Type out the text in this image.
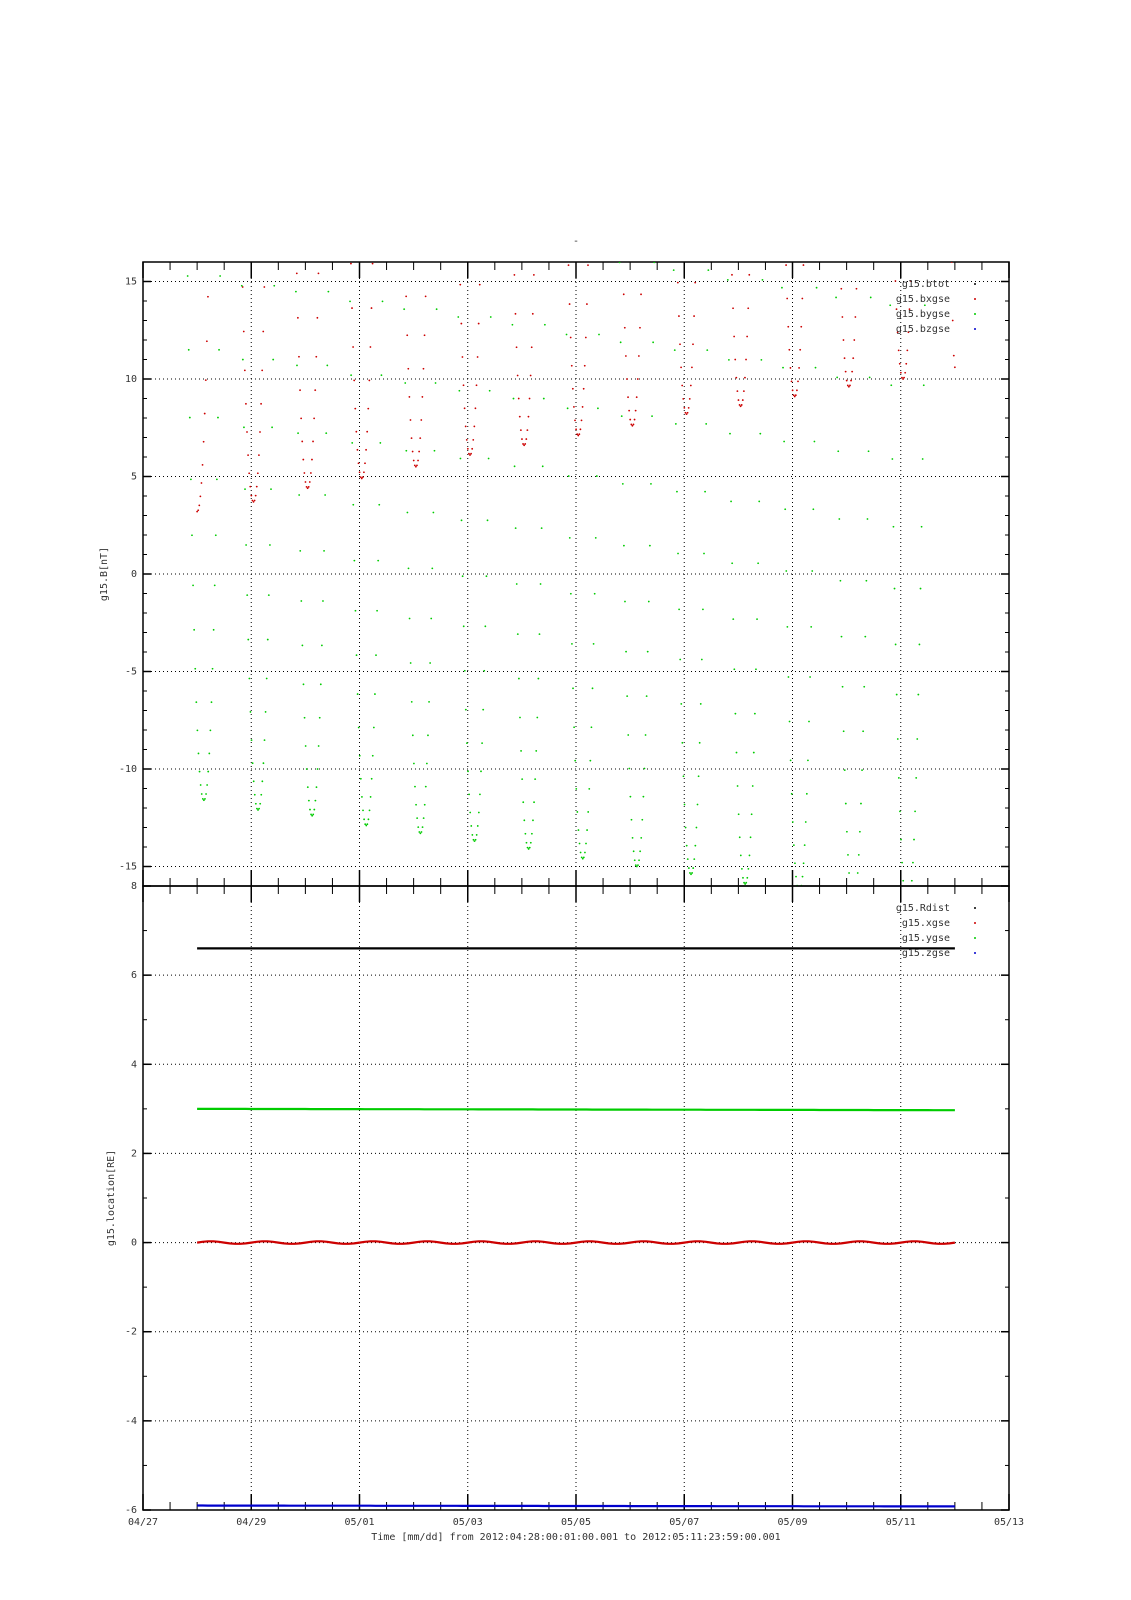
-
15
10
5
0
-5
-10
-15
g15.B[nT]
g15.btot
g15.bxgse
g15.bygse
g15.bzgse
8
6
4
2
0
-2
-4
-6
g15.location[RE]
g15.Rdist
g15.xgse
g15.ygse
g15.zgse
04/27	04/29	05/01	05/03	05/05	05/07	05/09	05/11	05/13
Time [mm/dd] from 2012:04:28:00:01:00.001 to 2012:05:11:23:59:00.001
